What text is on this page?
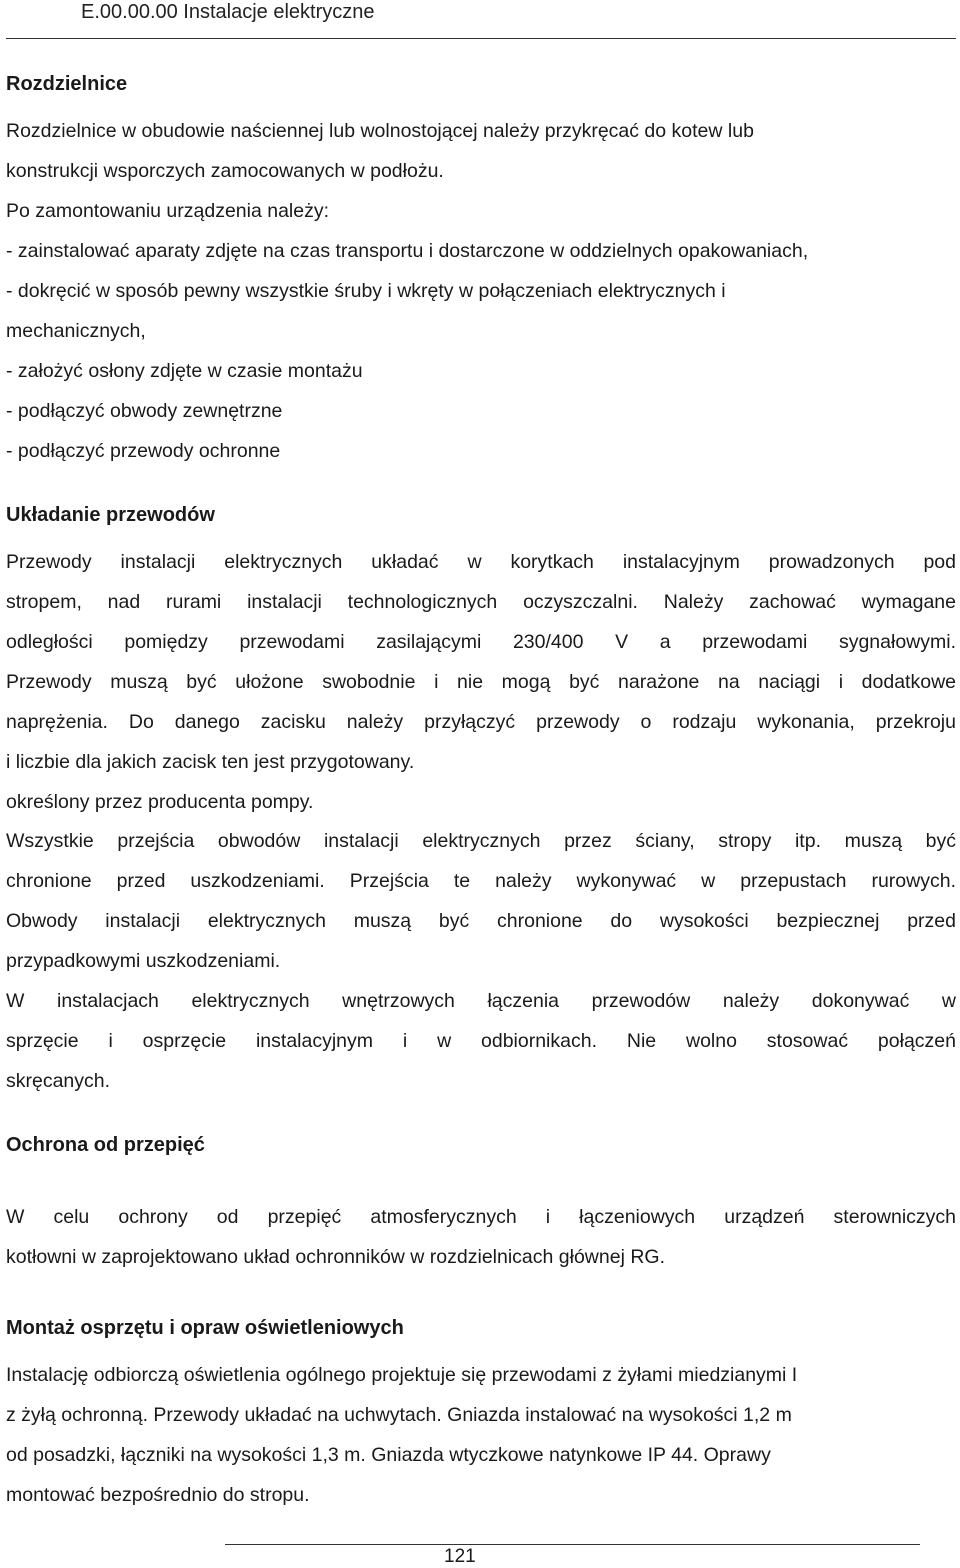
E.00.00.00 Instalacje elektryczne
Rozdzielnice
Rozdzielnice w obudowie naściennej lub wolnostojącej należy przykręcać do kotew lub
konstrukcji wsporczych zamocowanych w podłożu.
Po zamontowaniu urządzenia należy:
- zainstalować aparaty zdjęte na czas transportu i dostarczone w oddzielnych opakowaniach,
- dokręcić w sposób pewny wszystkie śruby i wkręty w połączeniach elektrycznych i
mechanicznych,
- założyć osłony zdjęte w czasie montażu
- podłączyć obwody zewnętrzne
- podłączyć przewody ochronne
Układanie przewodów
Przewody instalacji elektrycznych układać w korytkach instalacyjnym prowadzonych pod
stropem, nad rurami instalacji technologicznych oczyszczalni. Należy zachować wymagane
odległości pomiędzy przewodami zasilającymi 230/400 V a przewodami sygnałowymi.
Przewody muszą być ułożone swobodnie i nie mogą być narażone na naciągi i dodatkowe
naprężenia. Do danego zacisku należy przyłączyć przewody o rodzaju wykonania, przekroju
i liczbie dla jakich zacisk ten jest przygotowany.
określony przez producenta pompy.
Wszystkie przejścia obwodów instalacji elektrycznych przez ściany, stropy itp. muszą być
chronione przed uszkodzeniami. Przejścia te należy wykonywać w przepustach rurowych.
Obwody instalacji elektrycznych muszą być chronione do wysokości bezpiecznej przed
przypadkowymi uszkodzeniami.
W instalacjach elektrycznych wnętrzowych łączenia przewodów należy dokonywać w
sprzęcie i osprzęcie instalacyjnym i w odbiornikach. Nie wolno stosować połączeń
skręcanych.
Ochrona od przepięć
W celu ochrony od przepięć atmosferycznych i łączeniowych urządzeń sterowniczych
kotłowni w zaprojektowano układ ochronników w rozdzielnicach głównej RG.
Montaż osprzętu i opraw oświetleniowych
Instalację odbiorczą oświetlenia ogólnego projektuje się przewodami z żyłami miedzianymi I
z żyłą ochronną. Przewody układać na uchwytach. Gniazda instalować na wysokości 1,2 m
od posadzki, łączniki na wysokości 1,3 m. Gniazda wtyczkowe natynkowe IP 44. Oprawy
montować bezpośrednio do stropu.
121
